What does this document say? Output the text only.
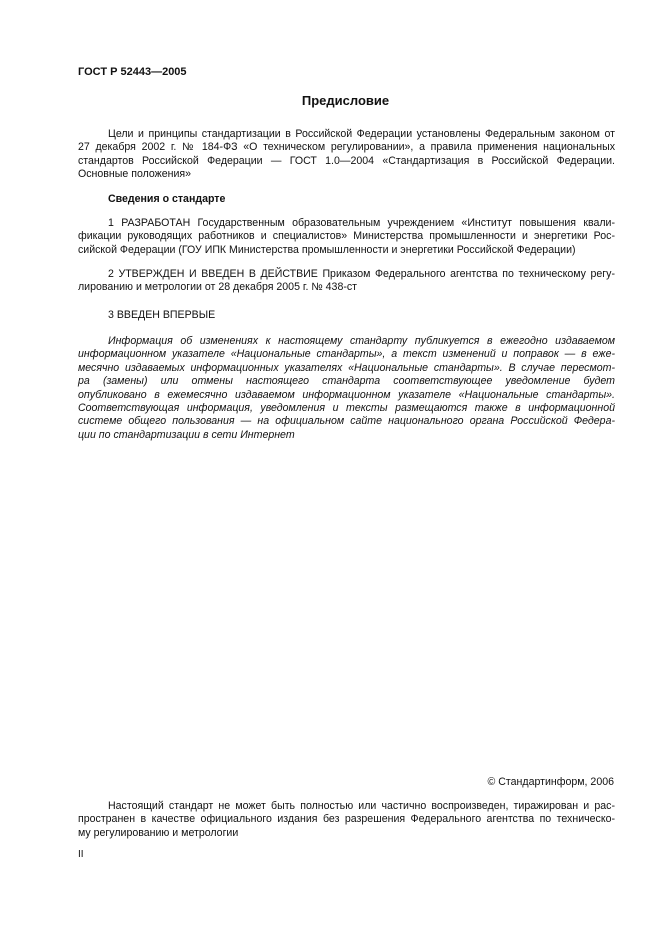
ГОСТ Р 52443—2005
Предисловие
Цели и принципы стандартизации в Российской Федерации установлены Федеральным законом от
27 декабря 2002 г. № 184-ФЗ «О техническом регулировании», а правила применения национальных
стандартов Российской Федерации — ГОСТ 1.0—2004 «Стандартизация в Российской Федерации.
Основные положения»
Сведения о стандарте
1 РАЗРАБОТАН Государственным образовательным учреждением «Институт повышения квали-
фикации руководящих работников и специалистов» Министерства промышленности и энергетики Рос-
сийской Федерации (ГОУ ИПК Министерства промышленности и энергетики Российской Федерации)
2 УТВЕРЖДЕН И ВВЕДЕН В ДЕЙСТВИЕ Приказом Федерального агентства по техническому регу-
лированию и метрологии от 28 декабря 2005 г. № 438-ст
3 ВВЕДЕН ВПЕРВЫЕ
Информация об изменениях к настоящему стандарту публикуется в ежегодно издаваемом
информационном указателе «Национальные стандарты», а текст изменений и поправок — в ежe-
месячно издаваемых информационных указателях «Национальные стандарты». В случае пересмот-
ра (замены) или отмены настоящего стандарта соответствующее уведомление будет
опубликовано в ежемесячно издаваемом информационном указателе «Национальные стандарты».
Соответствующая информация, уведомления и тексты размещаются также в информационной
системе общего пользования — на официальном сайте национального органа Российской Федера-
ции по стандартизации в сети Интернет
© Стандартинформ, 2006
Настоящий стандарт не может быть полностью или частично воспроизведен, тиражирован и рас-
пространен в качестве официального издания без разрешения Федерального агентства по техническо-
му регулированию и метрологии
II
